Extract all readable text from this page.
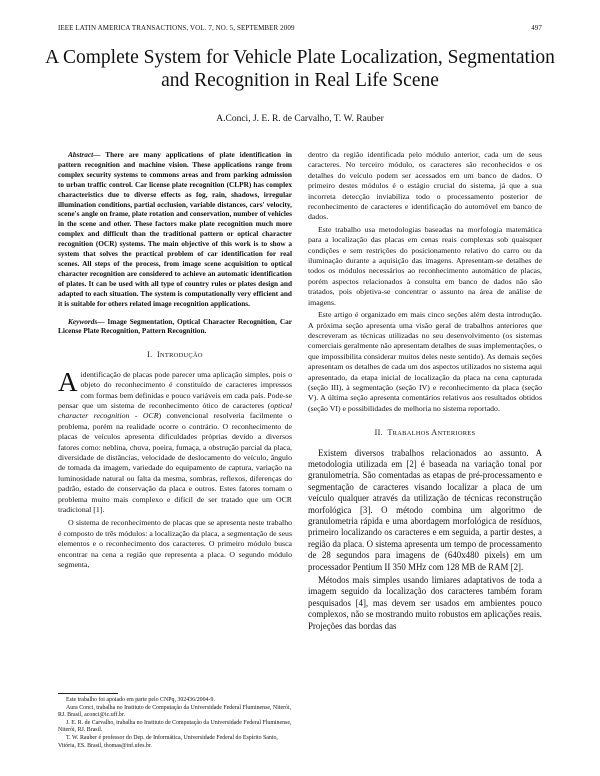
IEEE LATIN AMERICA TRANSACTIONS, VOL. 7, NO. 5, SEPTEMBER 2009	497
A Complete System for Vehicle Plate Localization, Segmentation and Recognition in Real Life Scene
A.Conci, J. E. R. de Carvalho, T. W. Rauber

Abstract— There are many applications of plate identification in pattern recognition and machine vision. These applications range from complex security systems to commons areas and from parking admission to urban traffic control. Car license plate recognition (CLPR) has complex characteristics due to diverse effects as fog, rain, shadows, irregular illumination conditions, partial occlusion, variable distances, cars' velocity, scene's angle on frame, plate rotation and conservation, number of vehicles in the scene and other. These factors make plate recognition much more complex and difficult than the traditional pattern or optical character recognition (OCR) systems. The main objective of this work is to show a system that solves the practical problem of car identification for real scenes. All steps of the process, from image scene acquisition to optical character recognition are considered to achieve an automatic identification of plates. It can be used with all type of country rules or plates design and adapted to each situation. The system is computationally very efficient and it is suitable for others related image recognition applications.

Keywords— Image Segmentation, Optical Character Recognition, Car License Plate Recognition, Pattern Recognition.

I. INTRODUÇÃO

Aidentificação de placas pode parecer uma aplicação simples, pois o objeto do reconhecimento é constituído de caracteres impressos com formas bem definidas e pouco variáveis em cada país. Pode-se pensar que um sistema de reconhecimento ótico de caracteres (optical character recognition - OCR) convencional resolveria facilmente o problema, porém na realidade ocorre o contrário. O reconhecimento de placas de veículos apresenta dificuldades próprias devido a diversos fatores como: neblina, chuva, poeira, fumaça, a obstrução parcial da placa, diversidade de distâncias, velocidade de deslocamento do veículo, ângulo de tomada da imagem, variedade do equipamento de captura, variação na luminosidade natural ou falta da mesma, sombras, reflexos, diferenças do padrão, estado de conservação da placa e outros. Estes fatores tornam o problema muito mais complexo e difícil de ser tratado que um OCR tradicional [1].

O sistema de reconhecimento de placas que se apresenta neste trabalho é composto de três módulos: a localização da placa, a segmentação de seus elementos e o reconhecimento dos caracteres. O primeiro módulo busca encontrar na cena a região que representa a placa. O segundo módulo segmenta,

dentro da região identificada pelo módulo anterior, cada um de seus caracteres. No terceiro módulo, os caracteres são reconhecidos e os detalhes do veículo podem ser acessados em um banco de dados. O primeiro destes módulos é o estágio crucial do sistema, já que a sua incorreta detecção inviabiliza todo o processamento posterior de reconhecimento de caracteres e identificação do automóvel em banco de dados.

Este trabalho usa metodologias baseadas na morfologia matemática para a localização das placas em cenas reais complexas sob quaisquer condições e sem restrições do posicionamento relativo do carro ou da iluminação durante a aquisição das imagens. Apresentam-se detalhes de todos os módulos necessários ao reconhecimento automático de placas, porém aspectos relacionados à consulta em banco de dados não são tratados, pois objetiva-se concentrar o assunto na área de análise de imagens.

Este artigo é organizado em mais cinco seções além desta introdução. A próxima seção apresenta uma visão geral de trabalhos anteriores que descreveram as técnicas utilizadas no seu desenvolvimento (os sistemas comerciais geralmente não apresentam detalhes de suas implementações, o que impossibilita considerar muitos deles neste sentido). As demais seções apresentam os detalhes de cada um dos aspectos utilizados no sistema aqui apresentado, da etapa inicial de localização da placa na cena capturada (seção III), à segmentação (seção IV) e reconhecimento da placa (seção V). A última seção apresenta comentários relativos aos resultados obtidos (seção VI) e possibilidades de melhoria no sistema reportado.

II. TRABALHOS ANTERIORES

Existem diversos trabalhos relacionados ao assunto. A metodologia utilizada em [2] é baseada na variação tonal por granulometria. São comentadas as etapas de pré-processamento e segmentação de caracteres visando localizar a placa de um veículo qualquer através da utilização de técnicas reconstrução morfológica [3]. O método combina um algoritmo de granulometria rápida e uma abordagem morfológica de resíduos, primeiro localizando os caracteres e em seguida, a partir destes, a região da placa. O sistema apresenta um tempo de processamento de 28 segundos para imagens de (640x480 pixels) em um processador Pentium II 350 MHz com 128 MB de RAM [2].

Métodos mais simples usando limiares adaptativos de toda a imagem seguido da localização dos caracteres também foram pesquisados [4], mas devem ser usados em ambientes pouco complexos, não se mostrando muito robustos em aplicações reais. Projeções das bordas das

Este trabalho foi apoiado em parte pelo CNPq, 302436/2004-9.

Aura Conci, trabalha no Instituto de Computação da Universidade Federal Fluminense, Niterói, RJ. Brasil, aconci@ic.uff.br.

J. E. R. de Carvalho, trabalha no Instituto de Computação da Universidade Federal Fluminense, Niterói, RJ. Brasil.

T. W. Rauber é professor do Dep. de Informática, Universidade Federal do Espírito Santo, Vitória, ES. Brasil, thomas@inf.ufes.br.
